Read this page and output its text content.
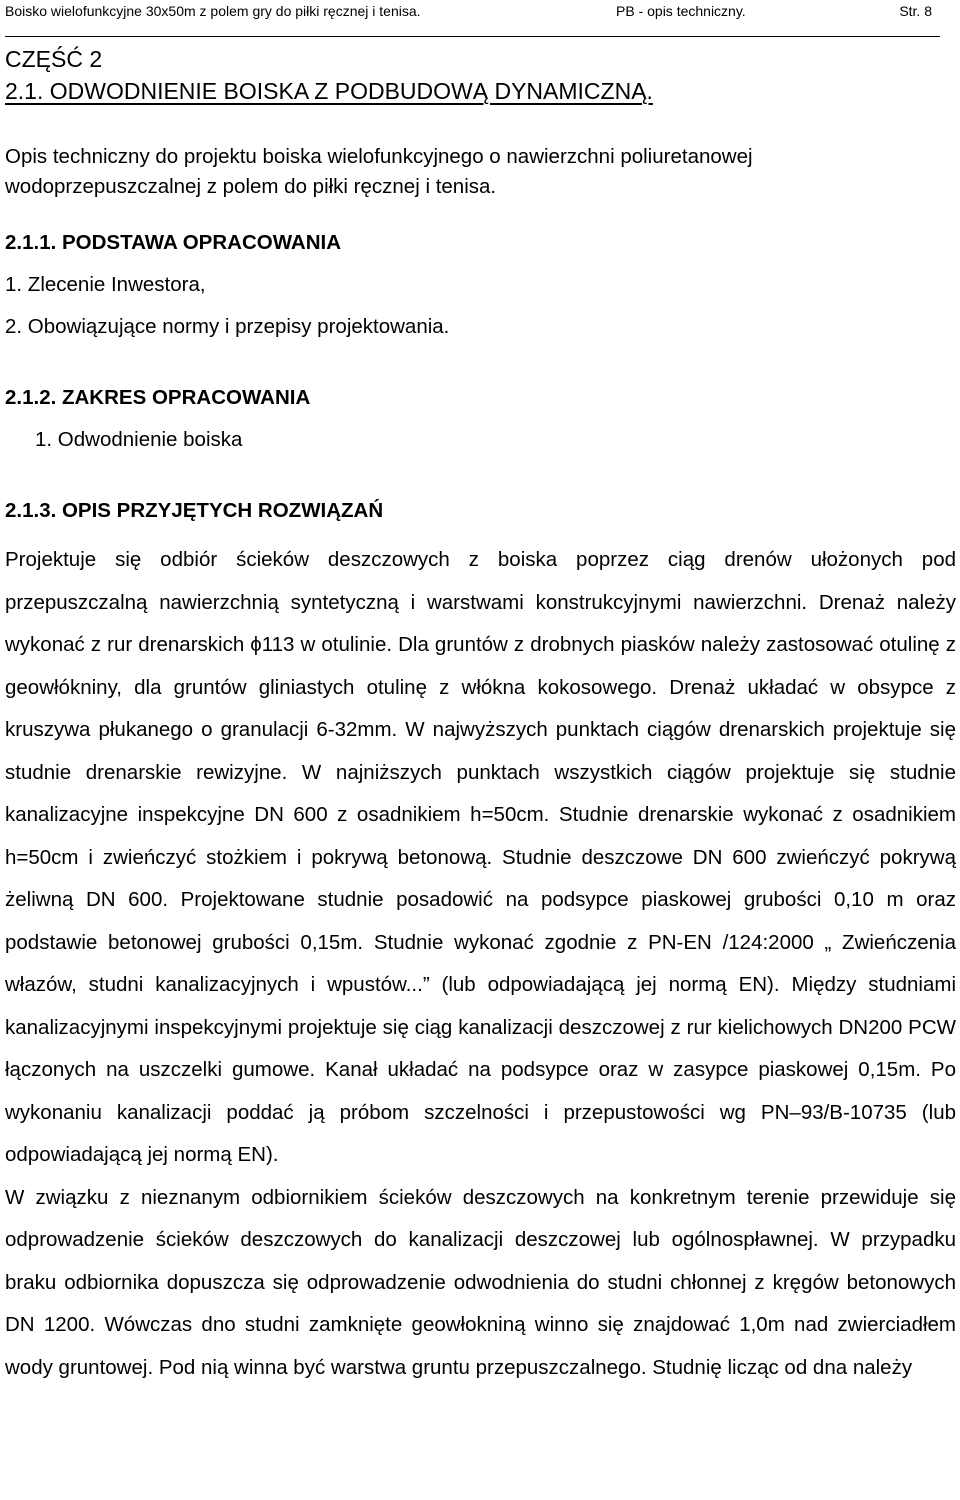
Boisko wielofunkcyjne 30x50m z polem gry do piłki ręcznej i tenisa.	PB - opis techniczny.	Str. 8
CZĘŚĆ 2
2.1. ODWODNIENIE BOISKA Z PODBUDOWĄ DYNAMICZNĄ.
Opis techniczny do projektu boiska wielofunkcyjnego o nawierzchni poliuretanowej wodoprzepuszczalnej z polem do piłki ręcznej i tenisa.
2.1.1. PODSTAWA OPRACOWANIA
1. Zlecenie Inwestora,
2. Obowiązujące normy i przepisy projektowania.
2.1.2. ZAKRES OPRACOWANIA
1. Odwodnienie boiska
2.1.3. OPIS PRZYJĘTYCH ROZWIĄZAŃ

Projektuje się odbiór ścieków deszczowych z boiska poprzez ciąg drenów ułożonych pod przepuszczalną nawierzchnią syntetyczną i warstwami konstrukcyjnymi nawierzchni. Drenaż należy wykonać z rur drenarskich ϕ113 w otulinie. Dla gruntów z drobnych piasków należy zastosować otulinę z geowłókniny, dla gruntów gliniastych otulinę z włókna kokosowego. Drenaż układać w obsypce z kruszywa płukanego o granulacji 6-32mm. W najwyższych punktach ciągów drenarskich projektuje się studnie drenarskie rewizyjne. W najniższych punktach wszystkich ciągów projektuje się studnie kanalizacyjne inspekcyjne DN 600 z osadnikiem h=50cm. Studnie drenarskie wykonać z osadnikiem h=50cm i zwieńczyć stożkiem i pokrywą betonową. Studnie deszczowe DN 600 zwieńczyć pokrywą żeliwną DN 600. Projektowane studnie posadowić na podsypce piaskowej grubości 0,10 m oraz podstawie betonowej grubości 0,15m. Studnie wykonać zgodnie z PN-EN /124:2000 „ Zwieńczenia włazów, studni kanalizacyjnych i wpustów...” (lub odpowiadającą jej normą EN). Między studniami kanalizacyjnymi inspekcyjnymi projektuje się ciąg kanalizacji deszczowej z rur kielichowych DN200 PCW łączonych na uszczelki gumowe. Kanał układać na podsypce oraz w zasypce piaskowej 0,15m. Po wykonaniu kanalizacji poddać ją próbom szczelności i przepustowości wg PN–93/B-10735 (lub odpowiadającą jej normą EN).

W związku z nieznanym odbiornikiem ścieków deszczowych na konkretnym terenie przewiduje się odprowadzenie ścieków deszczowych do kanalizacji deszczowej lub ogólnospławnej. W przypadku braku odbiornika dopuszcza się odprowadzenie odwodnienia do studni chłonnej z kręgów betonowych DN 1200. Wówczas dno studni zamknięte geowłokniną winno się znajdować 1,0m nad zwierciadłem wody gruntowej. Pod nią winna być warstwa gruntu przepuszczalnego. Studnię licząc od dna należy
